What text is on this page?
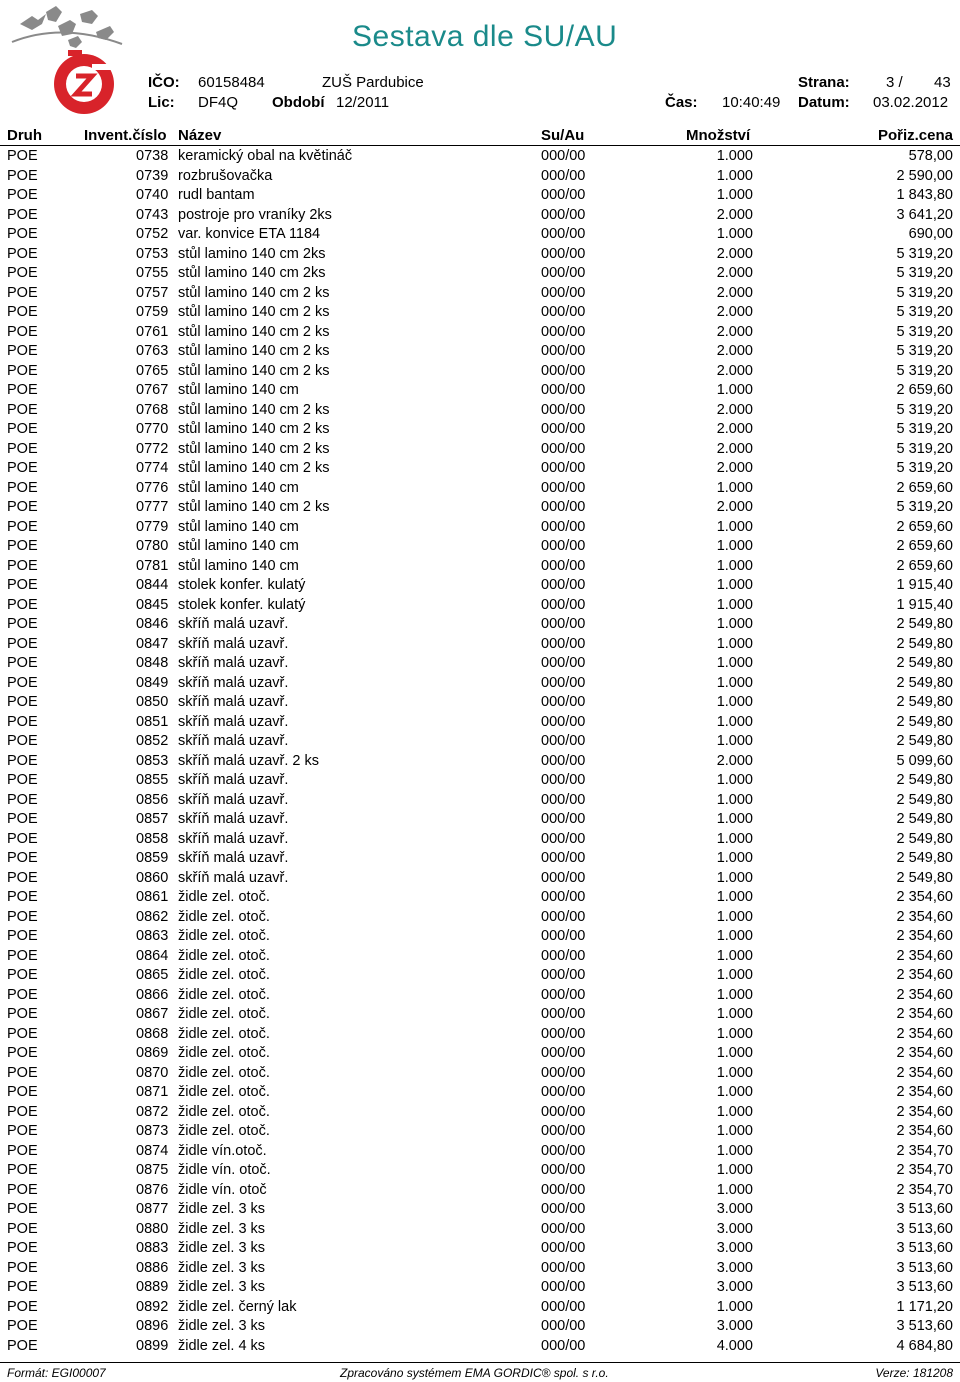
Sestava dle SU/AU
IČO: 60158484	ZUŠ Pardubice	Strana: 3 / 43
Lic: DF4Q Období 12/2011	Čas: 10:40:49 Datum: 03.02.2012
Druh	Invent.číslo Název	Su/Au	Množství	Pořiz.cena
POE	0738 keramický obal na květináč	000/00	1.000	578,00
POE	0739 rozbrušovačka	000/00	1.000	2 590,00
POE	0740 rudl bantam	000/00	1.000	1 843,80
POE	0743 postroje pro vraníky 2ks	000/00	2.000	3 641,20
POE	0752 var. konvice ETA 1184	000/00	1.000	690,00
POE	0753 stůl lamino 140 cm 2ks	000/00	2.000	5 319,20
POE	0755 stůl lamino 140 cm 2ks	000/00	2.000	5 319,20
POE	0757 stůl lamino 140 cm 2 ks	000/00	2.000	5 319,20
POE	0759 stůl lamino 140 cm 2 ks	000/00	2.000	5 319,20
POE	0761 stůl lamino 140 cm 2 ks	000/00	2.000	5 319,20
POE	0763 stůl lamino 140 cm 2 ks	000/00	2.000	5 319,20
POE	0765 stůl lamino 140 cm 2 ks	000/00	2.000	5 319,20
POE	0767 stůl lamino 140 cm	000/00	1.000	2 659,60
POE	0768 stůl lamino 140 cm 2 ks	000/00	2.000	5 319,20
POE	0770 stůl lamino 140 cm 2 ks	000/00	2.000	5 319,20
POE	0772 stůl lamino 140 cm 2 ks	000/00	2.000	5 319,20
POE	0774 stůl lamino 140 cm 2 ks	000/00	2.000	5 319,20
POE	0776 stůl lamino 140 cm	000/00	1.000	2 659,60
POE	0777 stůl lamino 140 cm 2 ks	000/00	2.000	5 319,20
POE	0779 stůl lamino 140 cm	000/00	1.000	2 659,60
POE	0780 stůl lamino 140 cm	000/00	1.000	2 659,60
POE	0781 stůl lamino 140 cm	000/00	1.000	2 659,60
POE	0844 stolek konfer. kulatý	000/00	1.000	1 915,40
POE	0845 stolek konfer. kulatý	000/00	1.000	1 915,40
POE	0846 skříň malá uzavř.	000/00	1.000	2 549,80
POE	0847 skříň malá uzavř.	000/00	1.000	2 549,80
POE	0848 skříň malá uzavř.	000/00	1.000	2 549,80
POE	0849 skříň malá uzavř.	000/00	1.000	2 549,80
POE	0850 skříň malá uzavř.	000/00	1.000	2 549,80
POE	0851 skříň malá uzavř.	000/00	1.000	2 549,80
POE	0852 skříň malá uzavř.	000/00	1.000	2 549,80
POE	0853 skříň malá uzavř. 2 ks	000/00	2.000	5 099,60
POE	0855 skříň malá uzavř.	000/00	1.000	2 549,80
POE	0856 skříň malá uzavř.	000/00	1.000	2 549,80
POE	0857 skříň malá uzavř.	000/00	1.000	2 549,80
POE	0858 skříň malá uzavř.	000/00	1.000	2 549,80
POE	0859 skříň malá uzavř.	000/00	1.000	2 549,80
POE	0860 skříň malá uzavř.	000/00	1.000	2 549,80
POE	0861 židle zel. otoč.	000/00	1.000	2 354,60
POE	0862 židle zel. otoč.	000/00	1.000	2 354,60
POE	0863 židle zel. otoč.	000/00	1.000	2 354,60
POE	0864 židle zel. otoč.	000/00	1.000	2 354,60
POE	0865 židle zel. otoč.	000/00	1.000	2 354,60
POE	0866 židle zel. otoč.	000/00	1.000	2 354,60
POE	0867 židle zel. otoč.	000/00	1.000	2 354,60
POE	0868 židle zel. otoč.	000/00	1.000	2 354,60
POE	0869 židle zel. otoč.	000/00	1.000	2 354,60
POE	0870 židle zel. otoč.	000/00	1.000	2 354,60
POE	0871 židle zel. otoč.	000/00	1.000	2 354,60
POE	0872 židle zel. otoč.	000/00	1.000	2 354,60
POE	0873 židle zel. otoč.	000/00	1.000	2 354,60
POE	0874 židle vín.otoč.	000/00	1.000	2 354,70
POE	0875 židle vín. otoč.	000/00	1.000	2 354,70
POE	0876 židle vín. otoč	000/00	1.000	2 354,70
POE	0877 židle zel. 3 ks	000/00	3.000	3 513,60
POE	0880 židle zel. 3 ks	000/00	3.000	3 513,60
POE	0883 židle zel. 3 ks	000/00	3.000	3 513,60
POE	0886 židle zel. 3 ks	000/00	3.000	3 513,60
POE	0889 židle zel. 3 ks	000/00	3.000	3 513,60
POE	0892 židle zel. černý lak	000/00	1.000	1 171,20
POE	0896 židle zel. 3 ks	000/00	3.000	3 513,60
POE	0899 židle zel. 4 ks	000/00	4.000	4 684,80
Formát: EGI00007	Zpracováno systémem EMA GORDIC® spol. s r.o.	Verze: 181208
